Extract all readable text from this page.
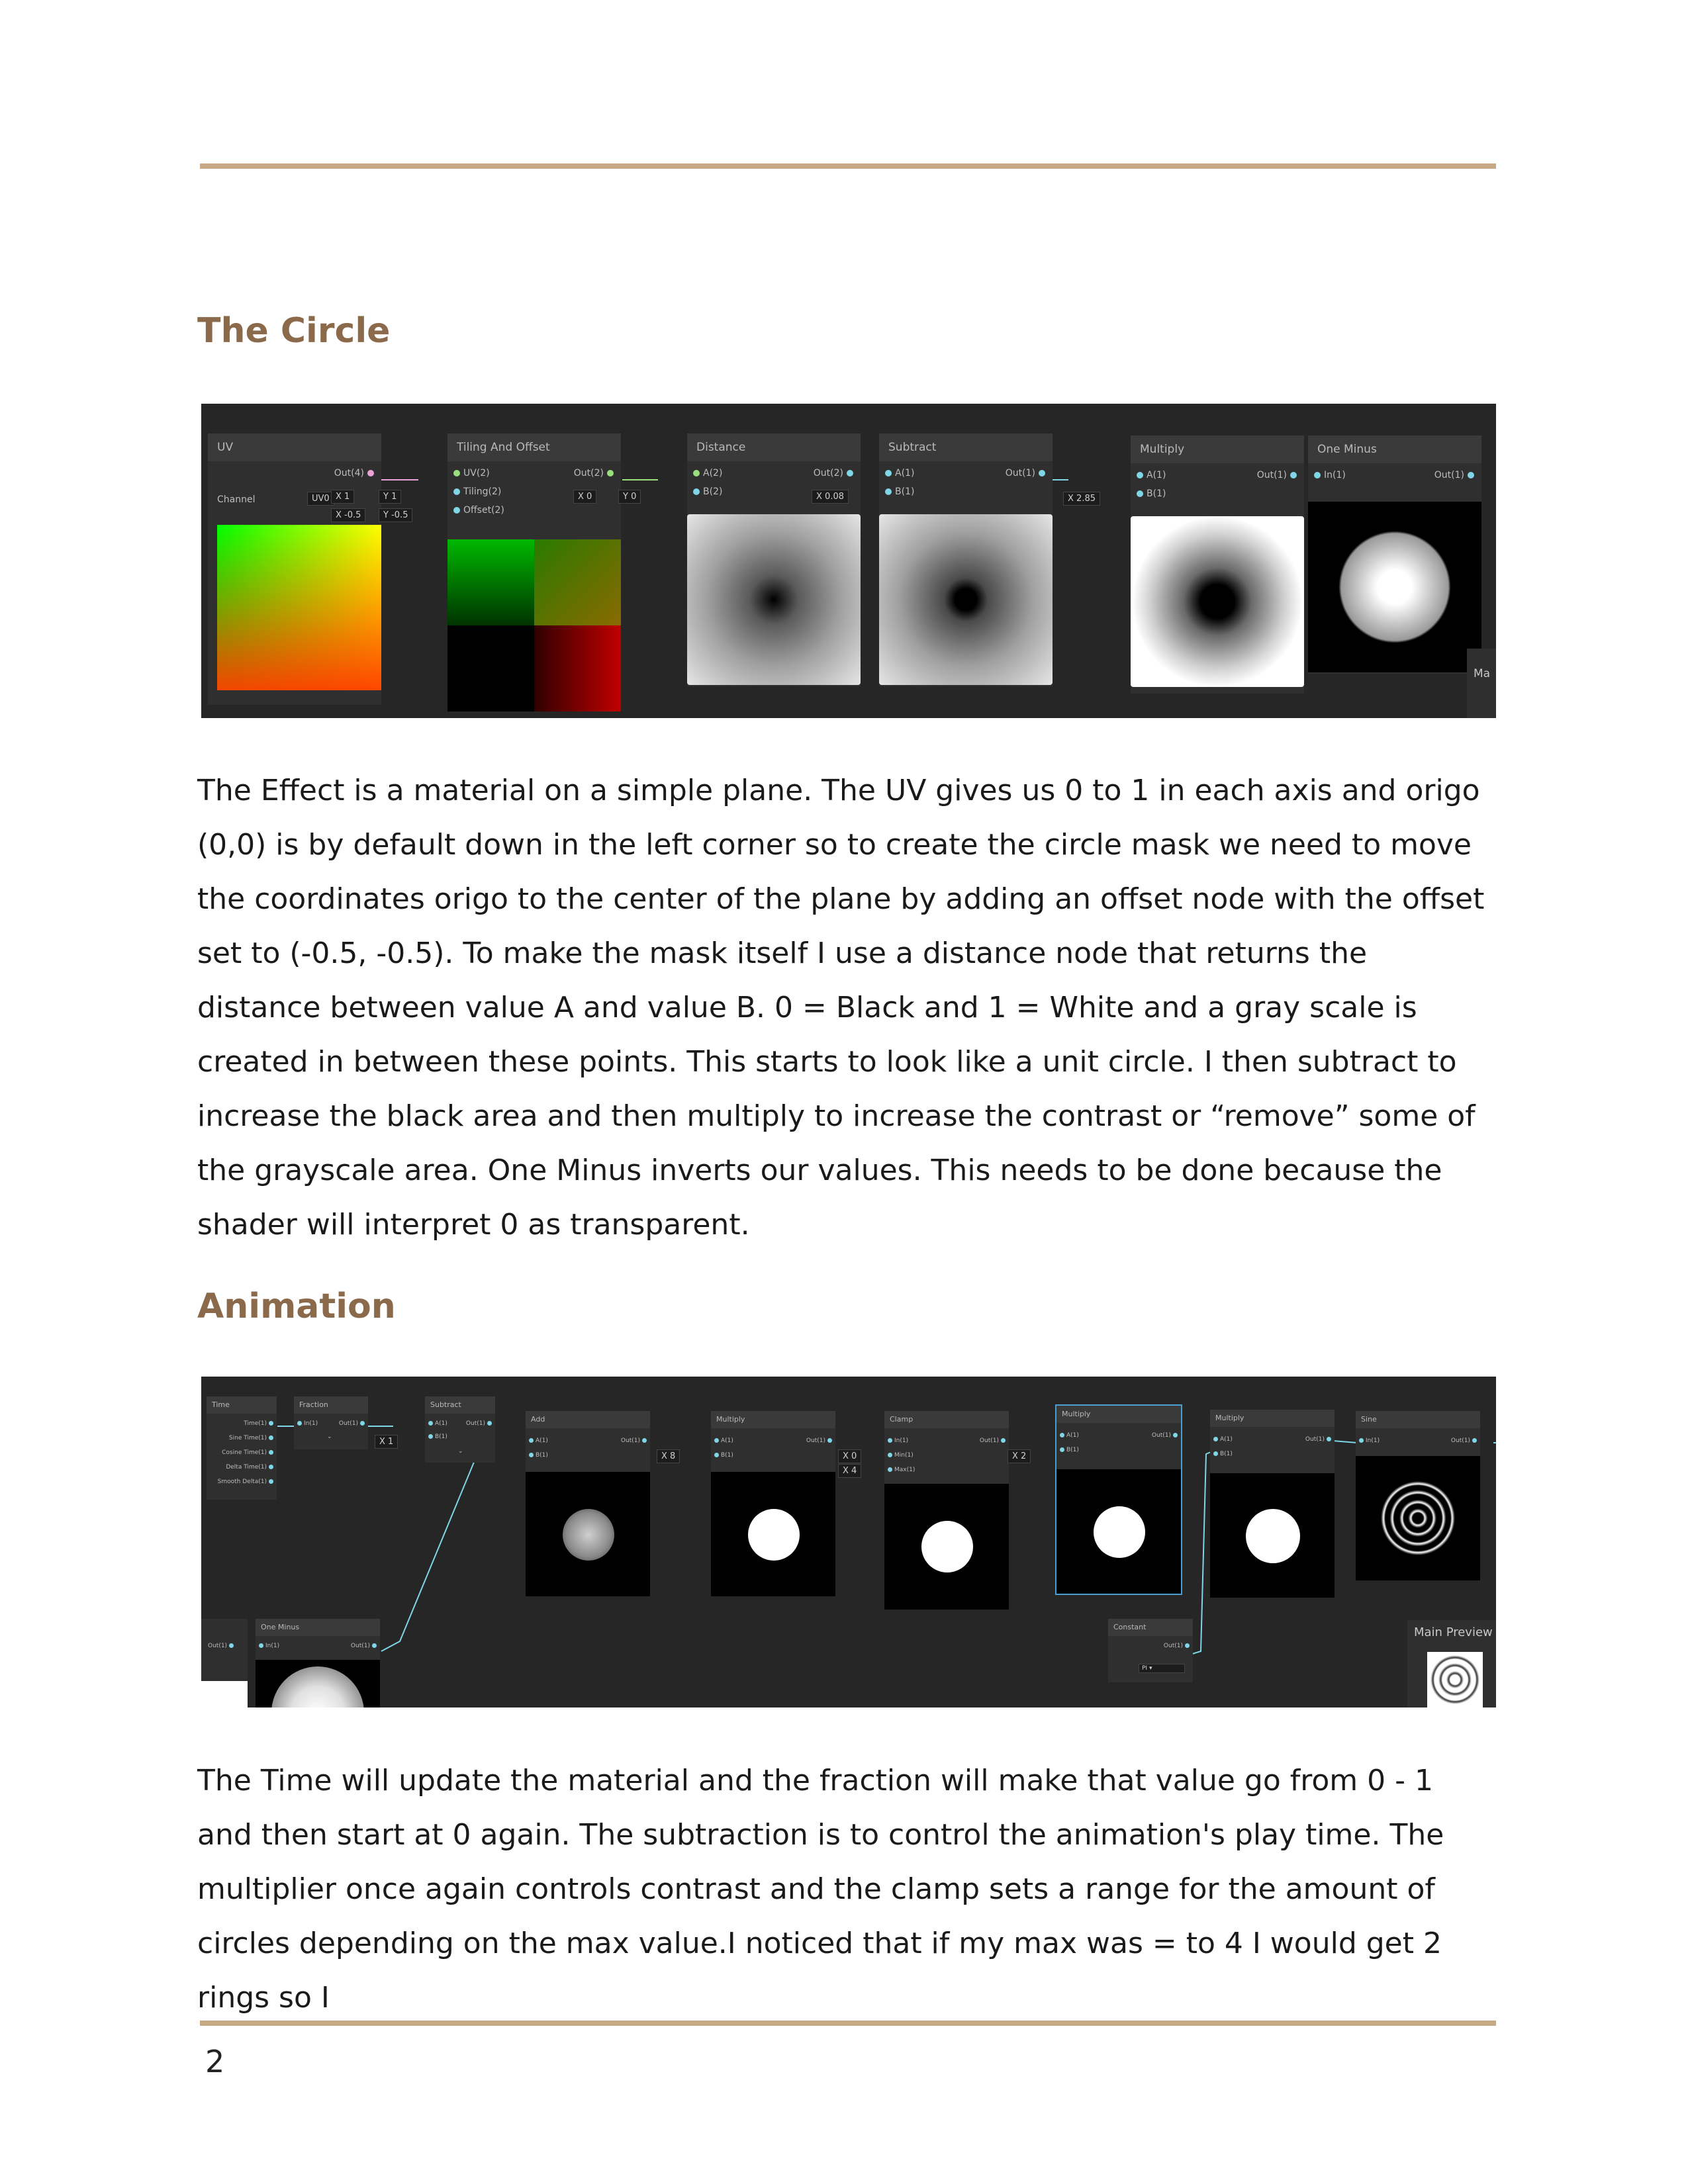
The Circle
UV
Out(4)
Channel	UV0 X 1	Y 1
X -0.5	Y -0.5
Tiling And Offset
UV(2)
Tiling(2)
Offset(2)
Out(2)
X 0	Y 0
Distance
A(2)
B(2)
Out(2)
X 0.08
Subtract
A(1)
B(1)
Out(1)
X 2.85
Multiply
A(1)
B(1)
Out(1)
One Minus
In(1)	Out(1)
Ma

The Effect is a material on a simple plane. The UV gives us 0 to 1 in each axis and origo (0,0) is by default down in the left corner so to create the circle mask we need to move the coordinates origo to the center of the plane by adding an offset node with the offset set to (-0.5, -0.5). To make the mask itself I use a distance node that returns the distance between value A and value B. 0 = Black and 1 = White and a gray scale is created in between these points. This starts to look like a unit circle. I then subtract to increase the black area and then multiply to increase the contrast or “remove” some of the grayscale area. One Minus inverts our values. This needs to be done because the shader will interpret 0 as transparent.

Animation
Time
Time(1)
Sine Time(1)
Cosine Time(1)
Delta Time(1)
Smooth Delta(1)
Fraction
In(1)	Out(1)
⌄	X 1
Subtract
A(1)
B(1)
Out(1)
⌄
Add
A(1)
B(1)
Out(1)
X 8
Multiply
A(1)
B(1)
Out(1)
X 0
X 4
Clamp
In(1)
Min(1)
Max(1)
Out(1)
X 2
Multiply
A(1)
B(1)
Out(1)
Multiply
A(1)
B(1)
Out(1)
Sine
In(1)	Out(1)
Out(1)
One Minus
In(1)	Out(1)
Constant
Out(1)
PI ▾
Main Preview

The Time will update the material and the fraction will make that value go from 0 - 1 and then start at 0 again. The subtraction is to control the animation's play time. The multiplier once again controls contrast and the clamp sets a range for the amount of circles depending on the max value.I noticed that if my max was = to 4 I would get 2 rings so I

2
